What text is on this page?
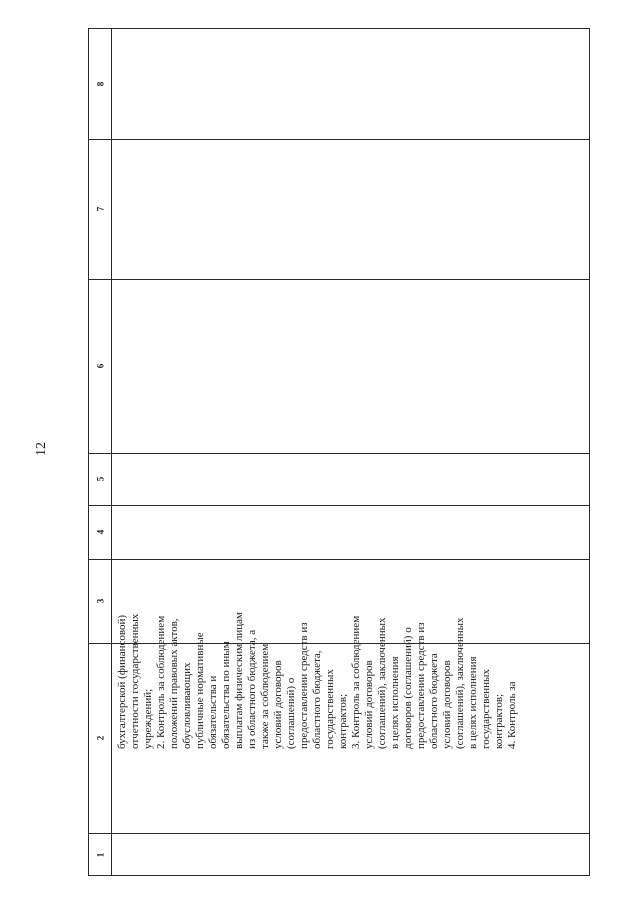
12
8
7
6
5
4
3
2
1
бухгалтерской (финансовой)
отчетности государственных
учреждений;
2. Контроль за соблюдением
положений правовых актов,
обусловливающих
публичные нормативные
обязательства и
обязательства по иным
выплатам физическим лицам
из областного бюджета, а
также за соблюдением
условий договоров
(соглашений) о
предоставлении средств из
областного бюджета,
государственных
контрактов;
3. Контроль за соблюдением
условий договоров
(соглашений), заключенных
в целях исполнения
договоров (соглашений) о
предоставлении средств из
областного бюджета
условий договоров
(соглашений), заключенных
в целях исполнения
государственных
контрактов;
4. Контроль за
